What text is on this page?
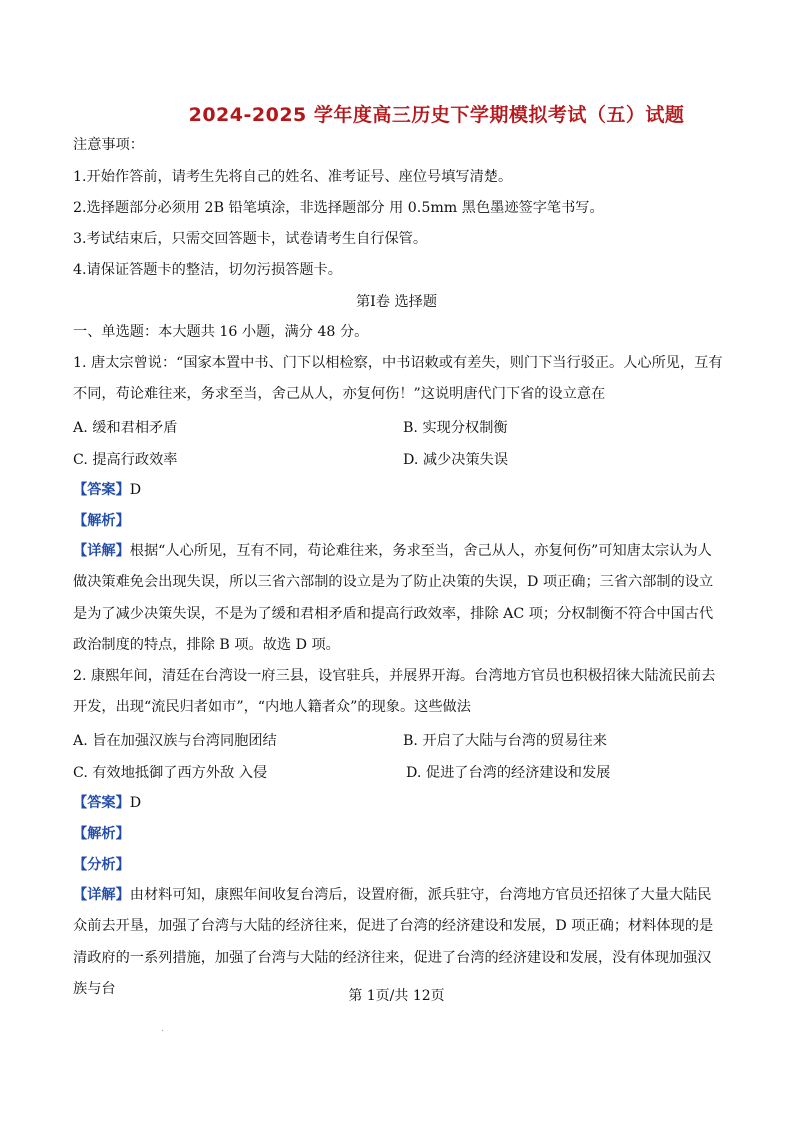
2024-2025 学年度高三历史下学期模拟考试（五）试题
注意事项：
1.开始作答前，请考生先将自己的姓名、准考证号、座位号填写清楚。
2.选择题部分必须用 2B 铅笔填涂，非选择题部分 用 0.5mm 黑色墨迹签字笔书写。
3.考试结束后，只需交回答题卡，试卷请考生自行保管。
4.请保证答题卡的整洁，切勿污损答题卡。
第Ⅰ卷 选择题
一、单选题：本大题共 16 小题，满分 48 分。
1. 唐太宗曾说：“国家本置中书、门下以相检察，中书诏敕或有差失，则门下当行驳正。人心所见，互有不同，苟论难往来，务求至当，舍己从人，亦复何伤！”这说明唐代门下省的设立意在
A. 缓和君相矛盾	B. 实现分权制衡
C. 提高行政效率	D. 减少决策失误
【答案】D
【解析】
【详解】根据“人心所见，互有不同，苟论难往来，务求至当，舍己从人，亦复何伤”可知唐太宗认为人做决策难免会出现失误，所以三省六部制的设立是为了防止决策的失误，D 项正确；三省六部制的设立是为了减少决策失误，不是为了缓和君相矛盾和提高行政效率，排除 AC 项；分权制衡不符合中国古代政治制度的特点，排除 B 项。故选 D 项。
2. 康熙年间，清廷在台湾设一府三县，设官驻兵，并展界开海。台湾地方官员也积极招徕大陆流民前去开发，出现“流民归者如市”，“内地人籍者众”的现象。这些做法
A. 旨在加强汉族与台湾同胞团结	B. 开启了大陆与台湾的贸易往来
C. 有效地抵御了西方外敌 入侵	D. 促进了台湾的经济建设和发展
【答案】D
【解析】
【分析】
【详解】由材料可知，康熙年间收复台湾后，设置府衙，派兵驻守，台湾地方官员还招徕了大量大陆民众前去开垦，加强了台湾与大陆的经济往来，促进了台湾的经济建设和发展，D 项正确；材料体现的是清政府的一系列措施，加强了台湾与大陆的经济往来，促进了台湾的经济建设和发展，没有体现加强汉族与台	第 1页/共 12页
.
